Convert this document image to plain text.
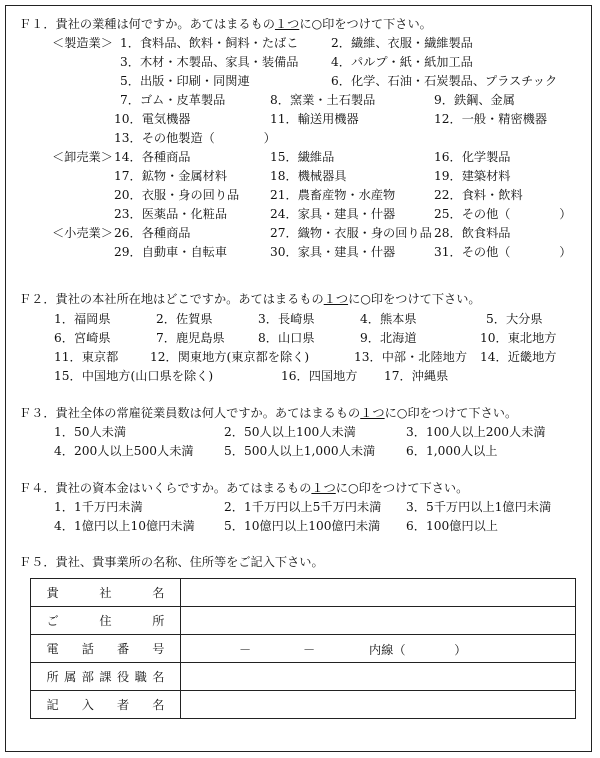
Ｆ１．貴社の業種は何ですか。あてはまるもの１つに○印をつけて下さい。
＜製造業＞ 1．食料品、飲料・飼料・たばこ	2．繊維、衣服・繊維製品
3．木材・木製品、家具・装備品	4．パルプ・紙・紙加工品
5．出版・印刷・同関連	6．化学、石油・石炭製品、プラスチック
7．ゴム・皮革製品	8．窯業・土石製品	9．鉄鋼、金属
10．電気機器	11．輸送用機器	12．一般・精密機器
13．その他製造（　　　　）
＜卸売業＞ 14．各種商品	15．繊維品	16．化学製品
17．鉱物・金属材料	18．機械器具	19．建築材料
20．衣服・身の回り品	21．農畜産物・水産物	22．食料・飲料
23．医薬品・化粧品	24．家具・建具・什器	25．その他（　　　　）
＜小売業＞ 26．各種商品	27．織物・衣服・身の回り品 28．飲食料品
29．自動車・自転車	30．家具・建具・什器	31．その他（　　　　）
Ｆ２．貴社の本社所在地はどこですか。あてはまるもの１つに○印をつけて下さい。
1．福岡県	2．佐賀県	3．長崎県	4．熊本県	5．大分県
6．宮崎県	7．鹿児島県	8．山口県	9．北海道	10．東北地方
11．東京都	12．関東地方(東京都を除く)	13．中部・北陸地方 14．近畿地方
15．中国地方(山口県を除く)	16．四国地方 17．沖縄県
Ｆ３．貴社全体の常雇従業員数は何人ですか。あてはまるもの１つに○印をつけて下さい。
1．50人未満	2．50人以上100人未満	3．100人以上200人未満
4．200人以上500人未満 5．500人以上1,000人未満	6．1,000人以上
Ｆ４．貴社の資本金はいくらですか。あてはまるもの１つに○印をつけて下さい。
1．1千万円未満	2．1千万円以上5千万円未満 3．5千万円以上1億円未満
4．1億円以上10億円未満 5．10億円以上100億円未満 6．100億円以上
Ｆ５．貴社、貴事業所の名称、住所等をご記入下さい。
貴社名	
ご住所	
電話番号	－ － 内線（　　　　）

所属部課役職名	
記入者名	
